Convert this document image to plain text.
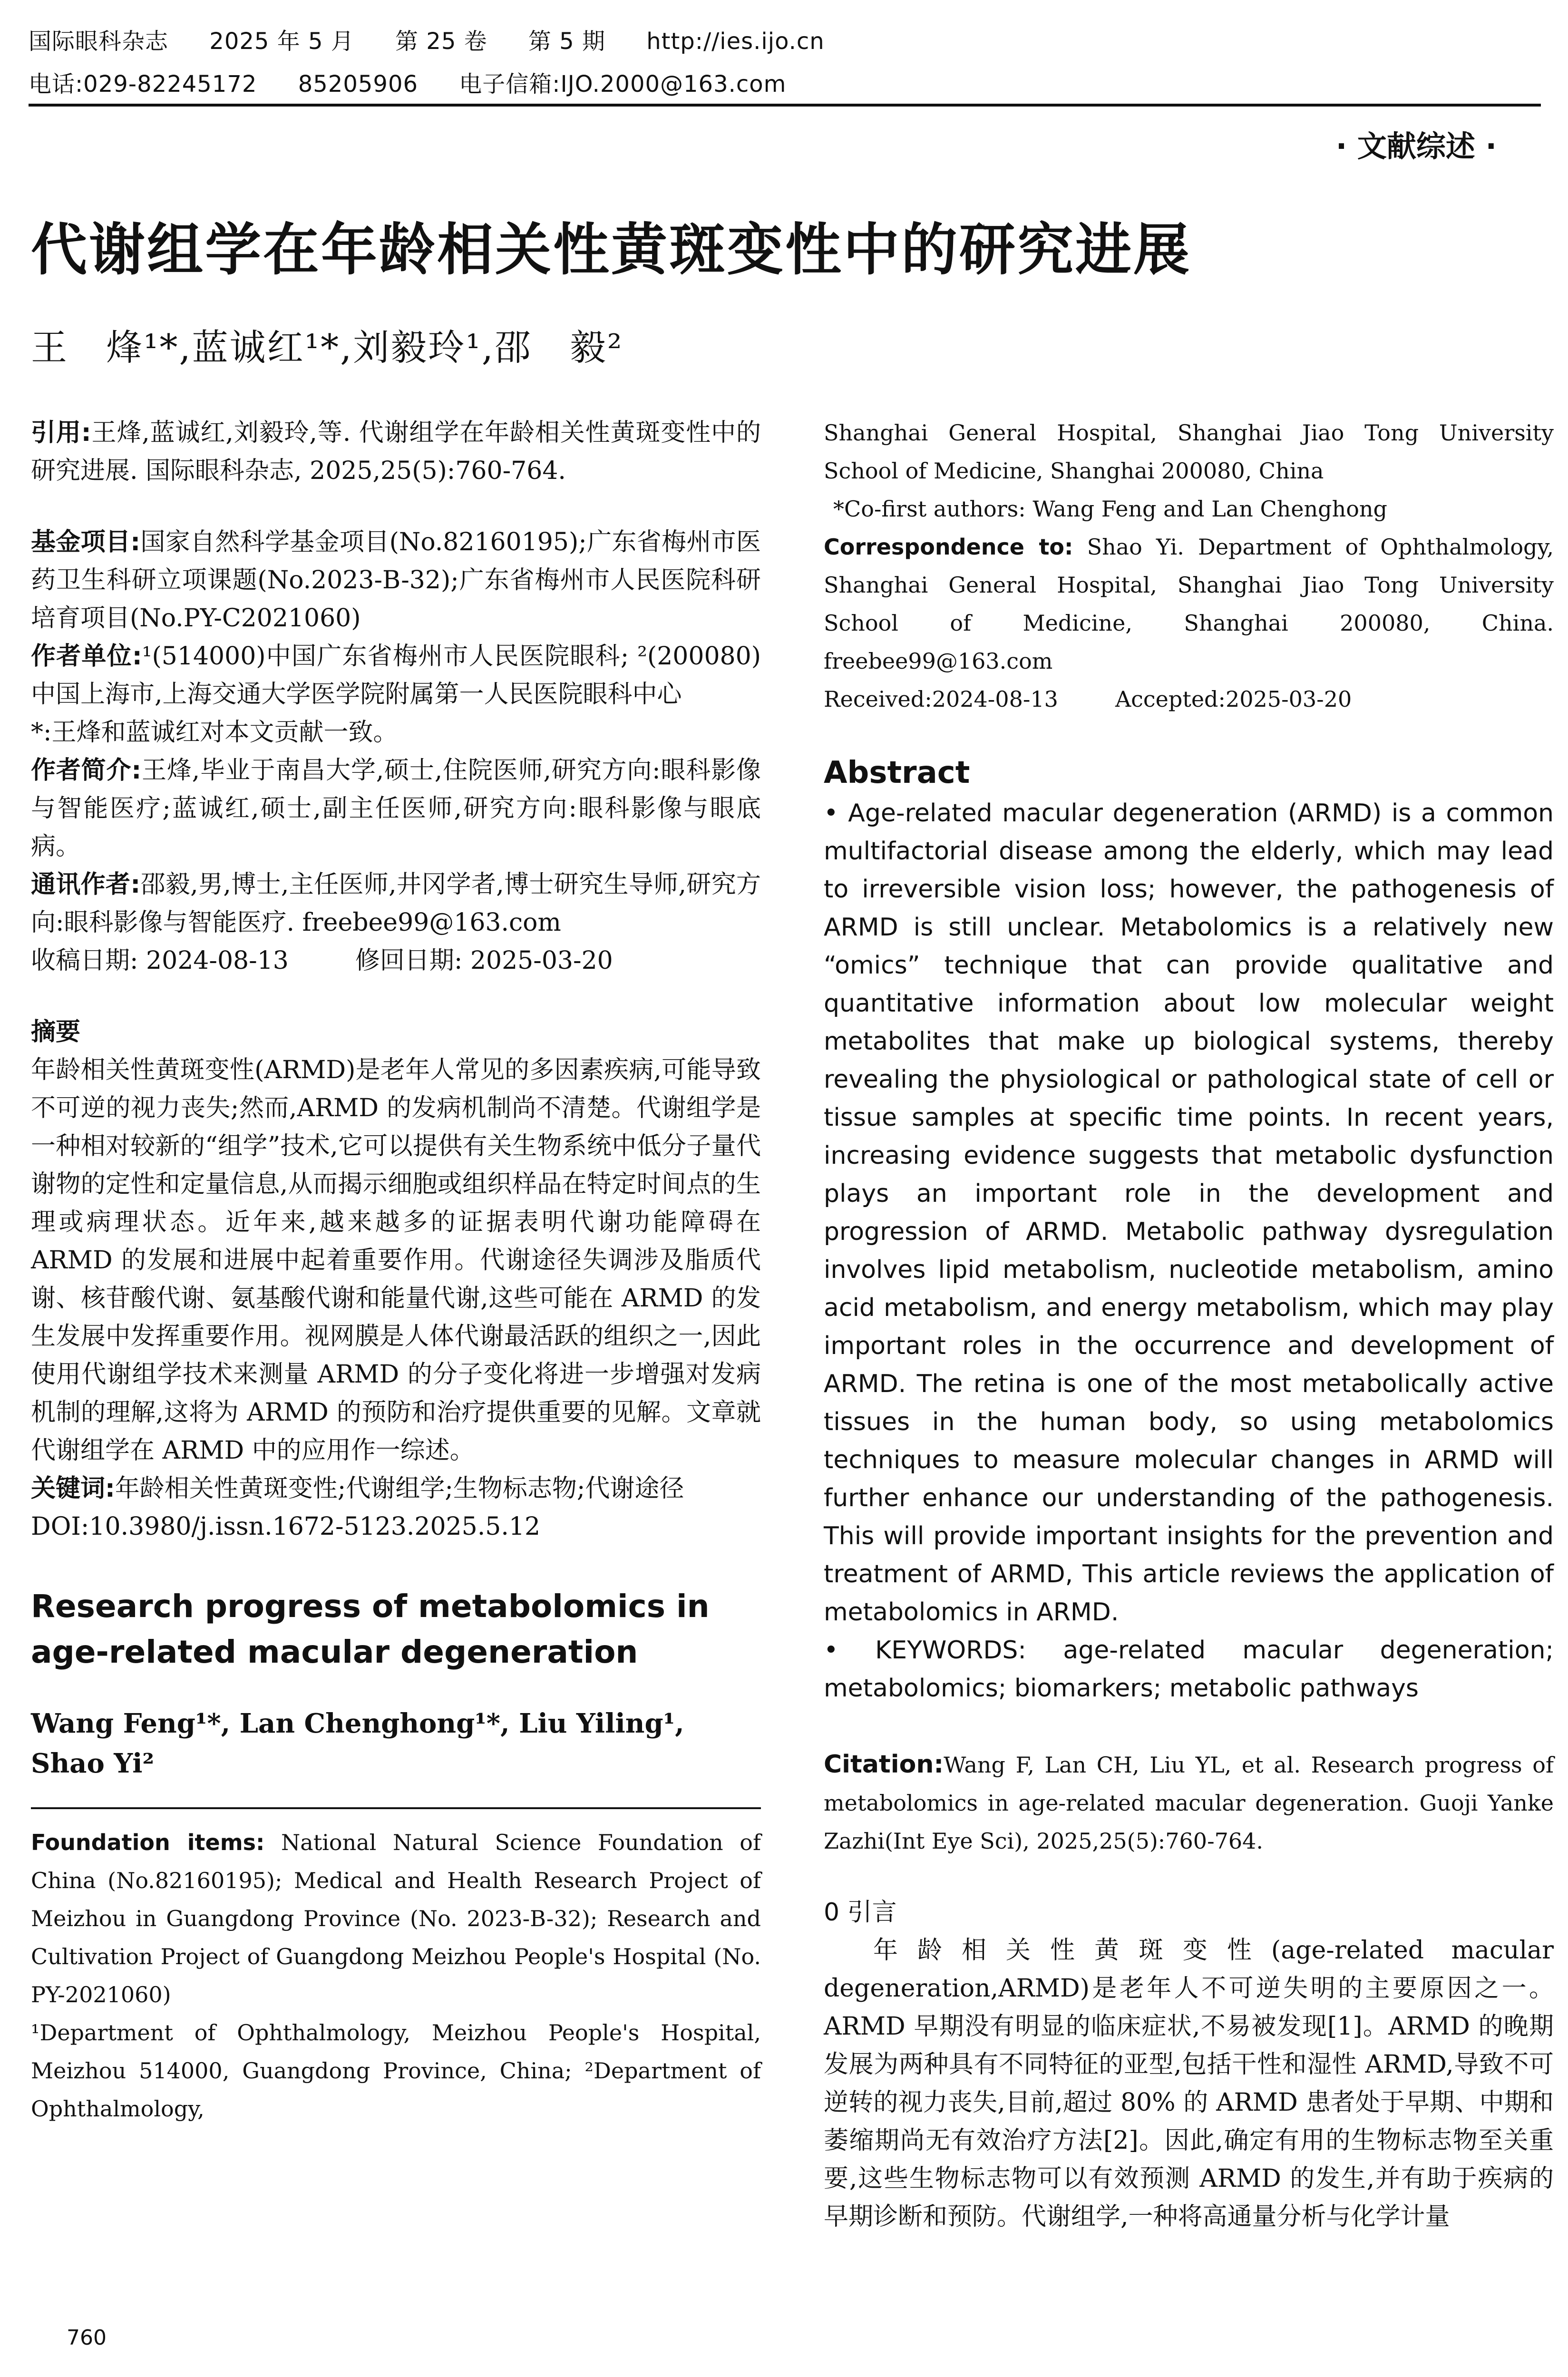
国际眼科杂志 2025 年 5 月 第 25 卷 第 5 期 http://ies.ijo.cn
电话:029-82245172 85205906 电子信箱:IJO.2000@163.com
· 文献综述 ·
代谢组学在年龄相关性黄斑变性中的研究进展
王　烽¹*,蓝诚红¹*,刘毅玲¹,邵　毅²

引用:王烽,蓝诚红,刘毅玲,等. 代谢组学在年龄相关性黄斑变性中的研究进展. 国际眼科杂志, 2025,25(5):760-764.

基金项目:国家自然科学基金项目(No.82160195);广东省梅州市医药卫生科研立项课题(No.2023-B-32);广东省梅州市人民医院科研培育项目(No.PY-C2021060)

作者单位:¹(514000)中国广东省梅州市人民医院眼科; ²(200080)中国上海市,上海交通大学医学院附属第一人民医院眼科中心

*:王烽和蓝诚红对本文贡献一致。

作者简介:王烽,毕业于南昌大学,硕士,住院医师,研究方向:眼科影像与智能医疗;蓝诚红,硕士,副主任医师,研究方向:眼科影像与眼底病。

通讯作者:邵毅,男,博士,主任医师,井冈学者,博士研究生导师,研究方向:眼科影像与智能医疗. freebee99@163.com

收稿日期: 2024-08-13	修回日期: 2025-03-20

摘要

年龄相关性黄斑变性(ARMD)是老年人常见的多因素疾病,可能导致不可逆的视力丧失;然而,ARMD 的发病机制尚不清楚。代谢组学是一种相对较新的“组学”技术,它可以提供有关生物系统中低分子量代谢物的定性和定量信息,从而揭示细胞或组织样品在特定时间点的生理或病理状态。近年来,越来越多的证据表明代谢功能障碍在 ARMD 的发展和进展中起着重要作用。代谢途径失调涉及脂质代谢、核苷酸代谢、氨基酸代谢和能量代谢,这些可能在 ARMD 的发生发展中发挥重要作用。视网膜是人体代谢最活跃的组织之一,因此使用代谢组学技术来测量 ARMD 的分子变化将进一步增强对发病机制的理解,这将为 ARMD 的预防和治疗提供重要的见解。文章就代谢组学在 ARMD 中的应用作一综述。

关键词:年龄相关性黄斑变性;代谢组学;生物标志物;代谢途径

DOI:10.3980/j.issn.1672-5123.2025.5.12

Research progress of metabolomics in age-related macular degeneration

Wang Feng¹*, Lan Chenghong¹*, Liu Yiling¹, Shao Yi²

Foundation items: National Natural Science Foundation of China (No.82160195); Medical and Health Research Project of Meizhou in Guangdong Province (No. 2023-B-32); Research and Cultivation Project of Guangdong Meizhou People's Hospital (No. PY-2021060)

¹Department of Ophthalmology, Meizhou People's Hospital, Meizhou 514000, Guangdong Province, China; ²Department of Ophthalmology,

Shanghai General Hospital, Shanghai Jiao Tong University School of Medicine, Shanghai 200080, China

*Co-first authors: Wang Feng and Lan Chenghong

Correspondence to: Shao Yi. Department of Ophthalmology, Shanghai General Hospital, Shanghai Jiao Tong University School of Medicine, Shanghai 200080, China. freebee99@163.com

Received:2024-08-13	Accepted:2025-03-20

Abstract

• Age-related macular degeneration (ARMD) is a common multifactorial disease among the elderly, which may lead to irreversible vision loss; however, the pathogenesis of ARMD is still unclear. Metabolomics is a relatively new “omics” technique that can provide qualitative and quantitative information about low molecular weight metabolites that make up biological systems, thereby revealing the physiological or pathological state of cell or tissue samples at specific time points. In recent years, increasing evidence suggests that metabolic dysfunction plays an important role in the development and progression of ARMD. Metabolic pathway dysregulation involves lipid metabolism, nucleotide metabolism, amino acid metabolism, and energy metabolism, which may play important roles in the occurrence and development of ARMD. The retina is one of the most metabolically active tissues in the human body, so using metabolomics techniques to measure molecular changes in ARMD will further enhance our understanding of the pathogenesis. This will provide important insights for the prevention and treatment of ARMD, This article reviews the application of metabolomics in ARMD.

• KEYWORDS: age-related macular degeneration; metabolomics; biomarkers; metabolic pathways

Citation:Wang F, Lan CH, Liu YL, et al. Research progress of metabolomics in age-related macular degeneration. Guoji Yanke Zazhi(Int Eye Sci), 2025,25(5):760-764.

0 引言

年龄相关性黄斑变性(age-related macular degeneration,ARMD)是老年人不可逆失明的主要原因之一。ARMD 早期没有明显的临床症状,不易被发现[1]。ARMD 的晚期发展为两种具有不同特征的亚型,包括干性和湿性 ARMD,导致不可逆转的视力丧失,目前,超过 80% 的 ARMD 患者处于早期、中期和萎缩期尚无有效治疗方法[2]。因此,确定有用的生物标志物至关重要,这些生物标志物可以有效预测 ARMD 的发生,并有助于疾病的早期诊断和预防。代谢组学,一种将高通量分析与化学计量

760
